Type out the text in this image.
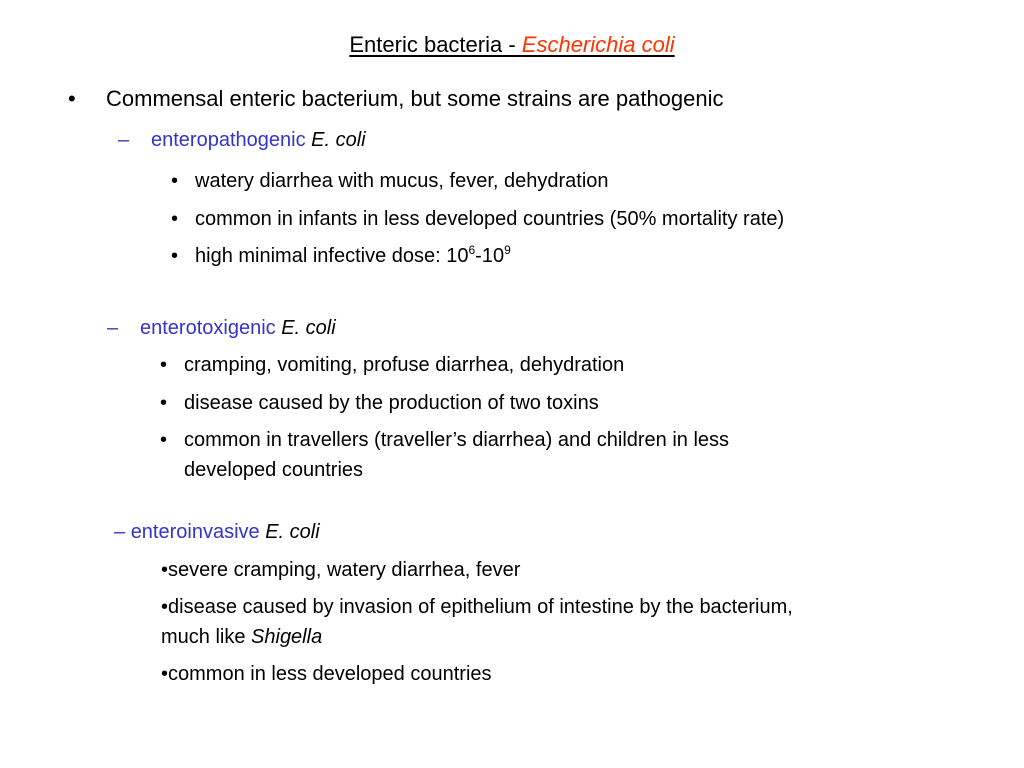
Enteric bacteria - Escherichia coli
• Commensal enteric bacterium, but some strains are pathogenic
– enteropathogenic E. coli
• watery diarrhea with mucus, fever, dehydration
• common in infants in less developed countries (50% mortality rate)
• high minimal infective dose: $10^6-10^9$
– enterotoxigenic E. coli
• cramping, vomiting, profuse diarrhea, dehydration
• disease caused by the production of two toxins
• common in travellers (traveller’s diarrhea) and children in less
developed countries
– enteroinvasive E. coli
•severe cramping, watery diarrhea, fever
•disease caused by invasion of epithelium of intestine by the bacterium,
much like Shigella
•common in less developed countries
